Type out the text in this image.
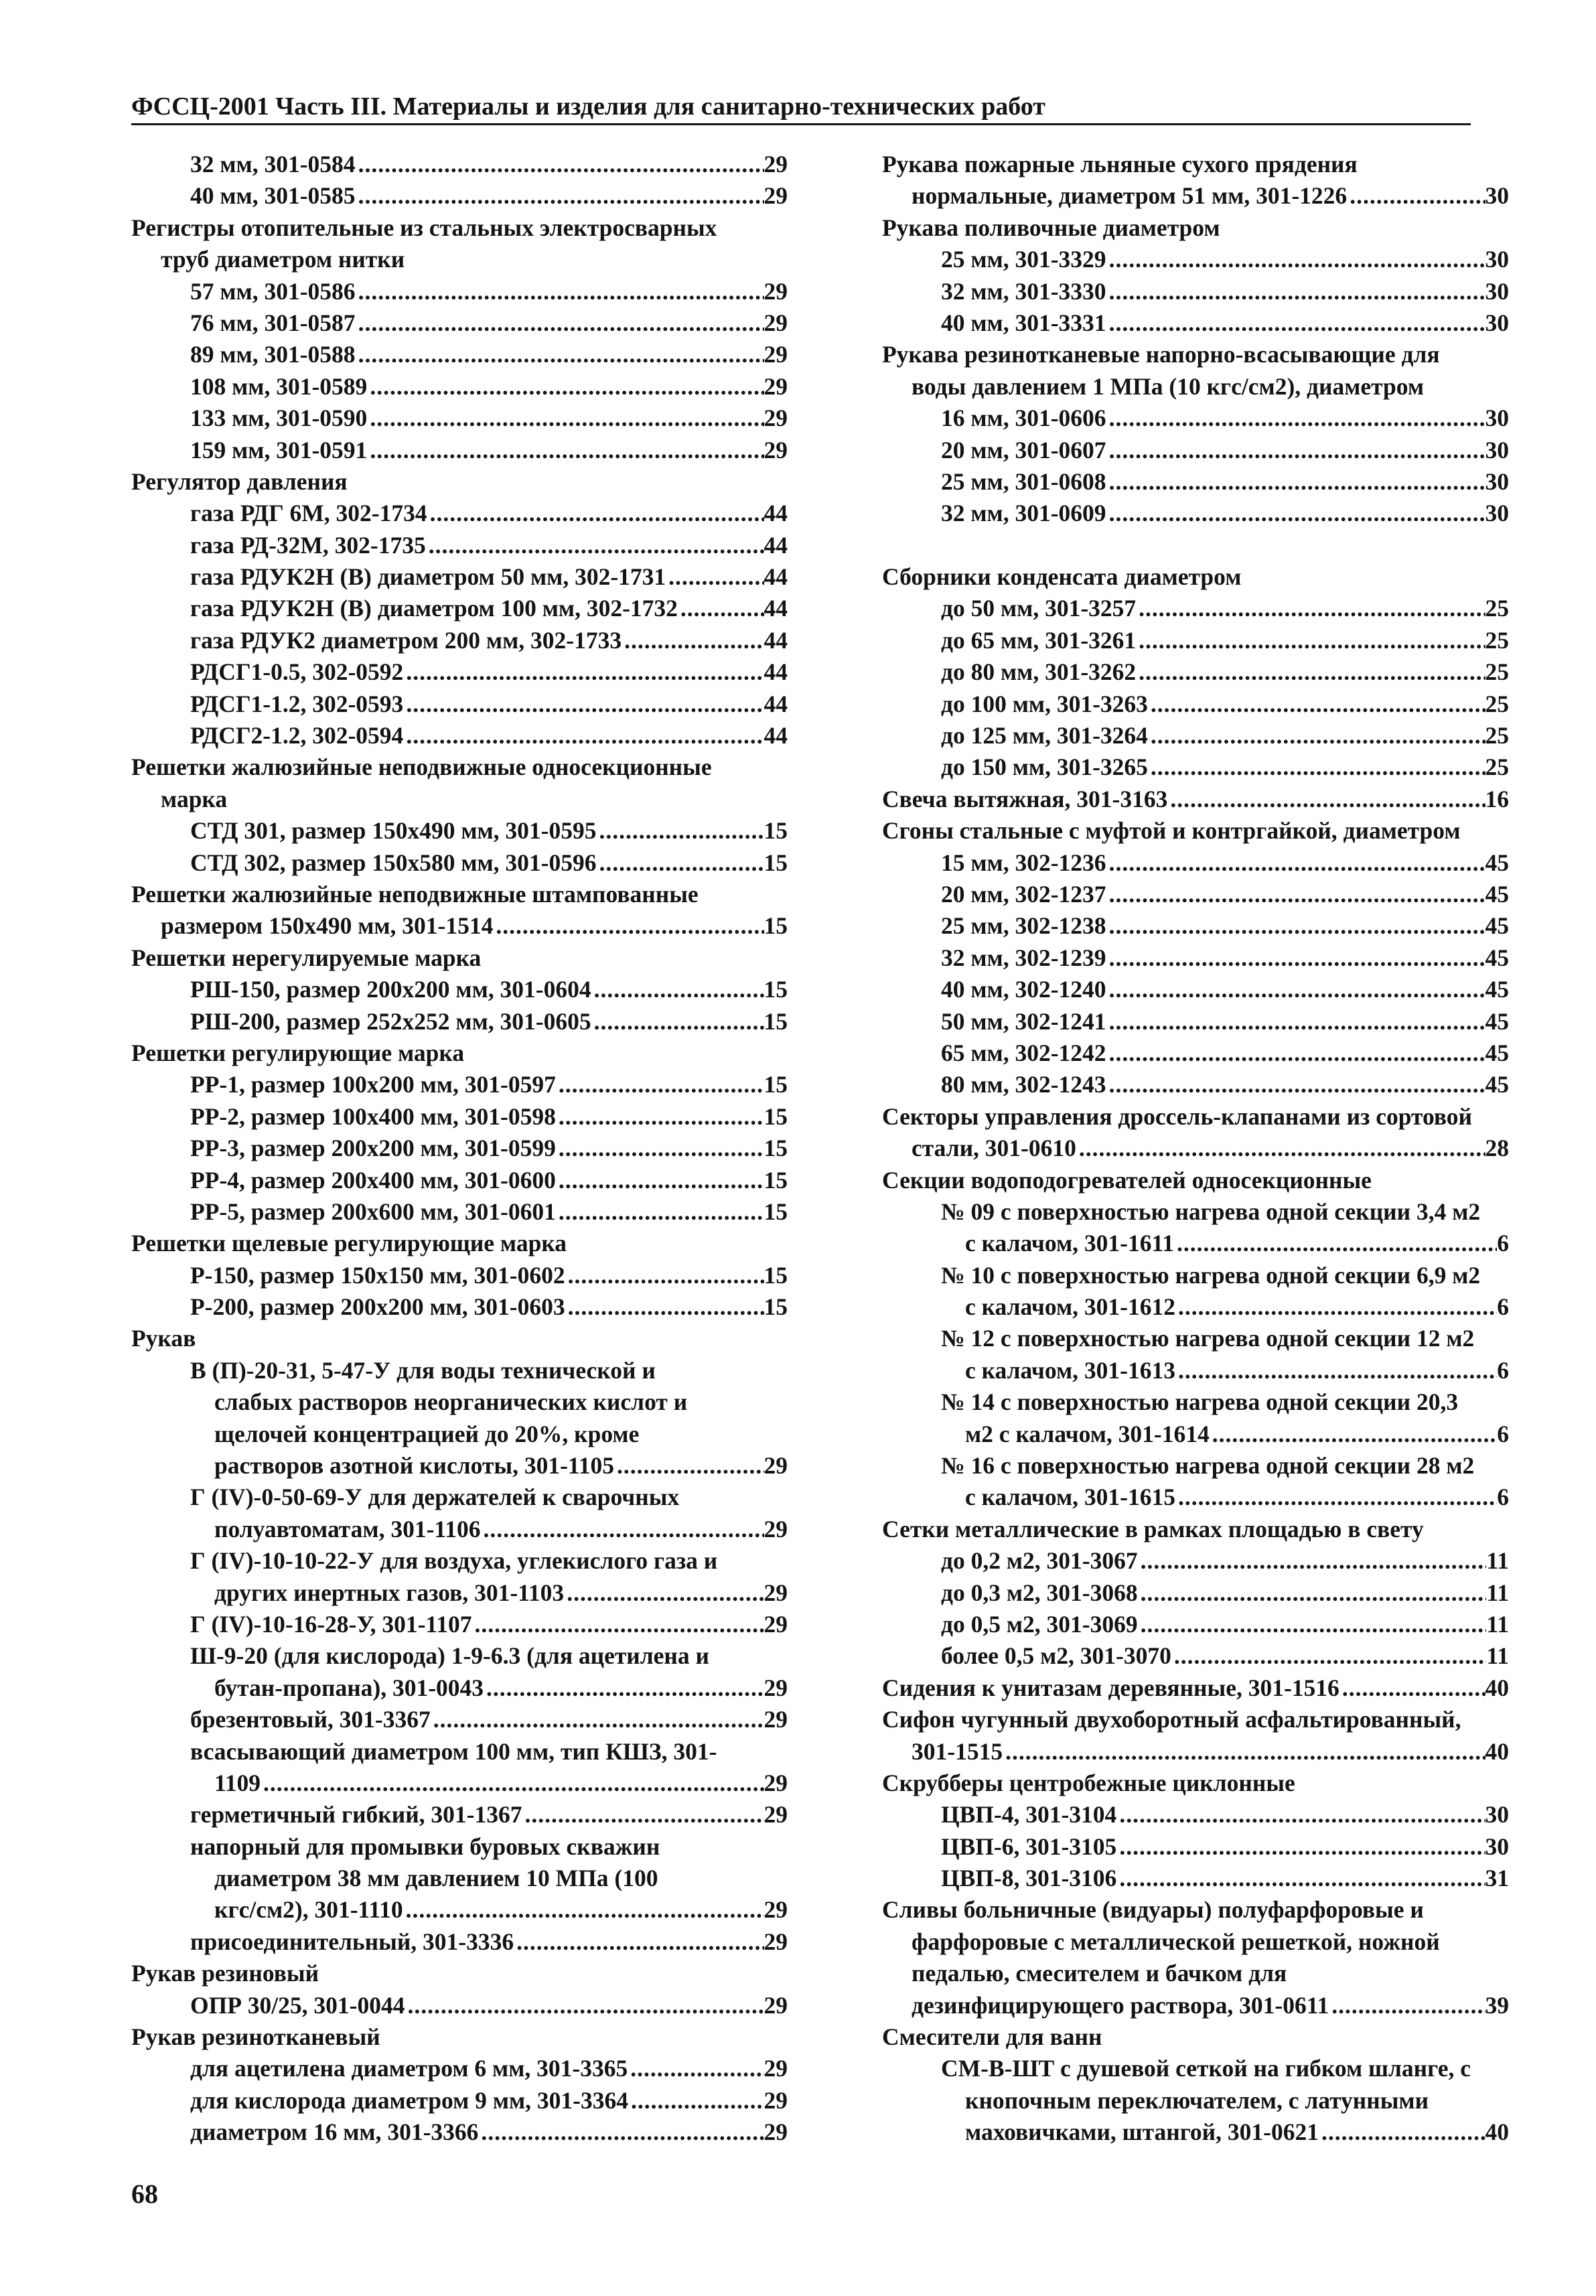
ФССЦ-2001 Часть III. Материалы и изделия для санитарно-технических работ
32 мм, 301-0584 .....	29
40 мм, 301-0585 .....	29
Регистры отопительные из стальных электросварных
труб диаметром нитки
57 мм, 301-0586 .....	29
76 мм, 301-0587 .....	29
89 мм, 301-0588 .....	29
108 мм, 301-0589 .....	29
133 мм, 301-0590 .....	29
159 мм, 301-0591 .....	29
Регулятор давления
газа РДГ 6М, 302-1734 .....	44
газа РД-32М, 302-1735 .....	44
газа РДУК2Н (В) диаметром 50 мм, 302-1731 .....	44
газа РДУК2Н (В) диаметром 100 мм, 302-1732 .....	44
газа РДУК2 диаметром 200 мм, 302-1733 .....	44
РДСГ1-0.5, 302-0592 .....	44
РДСГ1-1.2, 302-0593 .....	44
РДСГ2-1.2, 302-0594 .....	44
Решетки жалюзийные неподвижные односекционные
марка
СТД 301, размер 150х490 мм, 301-0595 .....	15
СТД 302, размер 150х580 мм, 301-0596 .....	15
Решетки жалюзийные неподвижные штампованные
размером 150х490 мм, 301-1514 .....	15
Решетки нерегулируемые марка
РШ-150, размер 200х200 мм, 301-0604 .....	15
РШ-200, размер 252х252 мм, 301-0605 .....	15
Решетки регулирующие марка
РР-1, размер 100х200 мм, 301-0597 .....	15
РР-2, размер 100х400 мм, 301-0598 .....	15
РР-3, размер 200х200 мм, 301-0599 .....	15
РР-4, размер 200х400 мм, 301-0600 .....	15
РР-5, размер 200х600 мм, 301-0601 .....	15
Решетки щелевые регулирующие марка
Р-150, размер 150х150 мм, 301-0602 .....	15
Р-200, размер 200х200 мм, 301-0603 .....	15
Рукав
В (П)-20-31, 5-47-У для воды технической и
слабых растворов неорганических кислот и
щелочей концентрацией до 20%, кроме
растворов азотной кислоты, 301-1105 .....	29
Г (IV)-0-50-69-У для держателей к сварочных
полуавтоматам, 301-1106 .....	29
Г (IV)-10-10-22-У для воздуха, углекислого газа и
других инертных газов, 301-1103 .....	29
Г (IV)-10-16-28-У, 301-1107 .....	29
Ш-9-20 (для кислорода) 1-9-6.3 (для ацетилена и
бутан-пропана), 301-0043 .....	29
брезентовый, 301-3367 .....	29
всасывающий диаметром 100 мм, тип КШЗ, 301-
1109 .....	29
герметичный гибкий, 301-1367 .....	29
напорный для промывки буровых скважин
диаметром 38 мм давлением 10 МПа (100
кгс/см2), 301-1110 .....	29
присоединительный, 301-3336 .....	29
Рукав резиновый
ОПР 30/25, 301-0044 .....	29
Рукав резинотканевый
для ацетилена диаметром 6 мм, 301-3365 .....	29
для кислорода диаметром 9 мм, 301-3364 .....	29
диаметром 16 мм, 301-3366 .....	29
Рукава пожарные льняные сухого прядения
нормальные, диаметром 51 мм, 301-1226 .....	30
Рукава поливочные диаметром
25 мм, 301-3329 .....	30
32 мм, 301-3330 .....	30
40 мм, 301-3331 .....	30
Рукава резинотканевые напорно-всасывающие для
воды давлением 1 МПа (10 кгс/см2), диаметром
16 мм, 301-0606 .....	30
20 мм, 301-0607 .....	30
25 мм, 301-0608 .....	30
32 мм, 301-0609 .....	30
Сборники конденсата диаметром
до 50 мм, 301-3257 .....	25
до 65 мм, 301-3261 .....	25
до 80 мм, 301-3262 .....	25
до 100 мм, 301-3263 .....	25
до 125 мм, 301-3264 .....	25
до 150 мм, 301-3265 .....	25
Свеча вытяжная, 301-3163 .....	16
Сгоны стальные с муфтой и контргайкой, диаметром
15 мм, 302-1236 .....	45
20 мм, 302-1237 .....	45
25 мм, 302-1238 .....	45
32 мм, 302-1239 .....	45
40 мм, 302-1240 .....	45
50 мм, 302-1241 .....	45
65 мм, 302-1242 .....	45
80 мм, 302-1243 .....	45
Секторы управления дроссель-клапанами из сортовой
стали, 301-0610 .....	28
Секции водоподогревателей односекционные
№ 09 с поверхностью нагрева одной секции 3,4 м2
с калачом, 301-1611 .....	6
№ 10 с поверхностью нагрева одной секции 6,9 м2
с калачом, 301-1612 .....	6
№ 12 с поверхностью нагрева одной секции 12 м2
с калачом, 301-1613 .....	6
№ 14 с поверхностью нагрева одной секции 20,3
м2 с калачом, 301-1614 .....	6
№ 16 с поверхностью нагрева одной секции 28 м2
с калачом, 301-1615 .....	6
Сетки металлические в рамках площадью в свету
до 0,2 м2, 301-3067 .....	11
до 0,3 м2, 301-3068 .....	11
до 0,5 м2, 301-3069 .....	11
более 0,5 м2, 301-3070 .....	11
Сидения к унитазам деревянные, 301-1516 .....	40
Сифон чугунный двухоборотный асфальтированный,
301-1515 .....	40
Скрубберы центробежные циклонные
ЦВП-4, 301-3104 .....	30
ЦВП-6, 301-3105 .....	30
ЦВП-8, 301-3106 .....	31
Сливы больничные (видуары) полуфарфоровые и
фарфоровые с металлической решеткой, ножной
педалью, смесителем и бачком для
дезинфицирующего раствора, 301-0611 .....	39
Смесители для ванн
СМ-В-ШТ с душевой сеткой на гибком шланге, с
кнопочным переключателем, с латунными
маховичками, штангой, 301-0621 .....	40
68
